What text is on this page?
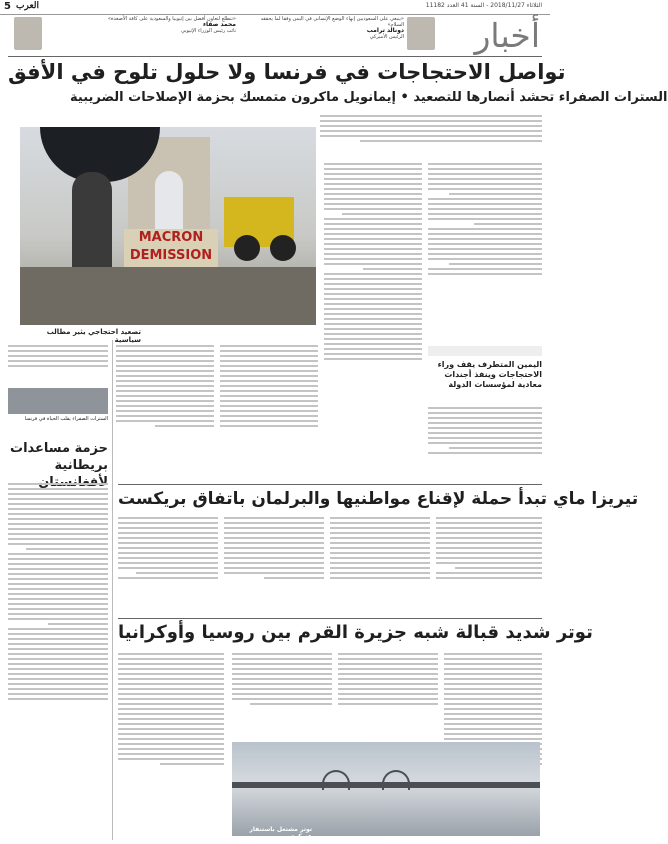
5 العرب	الثلاثاء 2018/11/27 - السنة 41 العدد 11182
أخبار
«ينبغي على السعوديين إنهاء الوضع الإنساني في اليمن وفقا لما يحققه السلام»
دونالد ترامب
الرئيس الأميركي
«نتطلع لتعاون أفضل بين إثيوبيا والسعودية على كافة الأصعدة»
محمد صفاء
نائب رئيس الوزراء الإثيوبي
تواصل الاحتجاجات في فرنسا ولا حلول تلوح في الأفق
السترات الصفراء تحشد أنصارها للتصعيد • إيمانويل ماكرون متمسك بحزمة الإصلاحات الضريبية
MACRON DEMISSION
تصعيد احتجاجي يثير مطالب سياسية
اليمين المتطرف يقف وراء الاحتجاجات وينفذ أجندات معادية لمؤسسات الدولة
السترات الصفراء يقلب الحياة في فرنسا
حزمة مساعدات بريطانية
تيريزا ماي تبدأ حملة لإقناع مواطنيها والبرلمان باتفاق بريكست
توتر شديد قبالة شبه جزيرة القرم بين روسيا وأوكرانيا
توتر مشتعل باستنفار عسكري
